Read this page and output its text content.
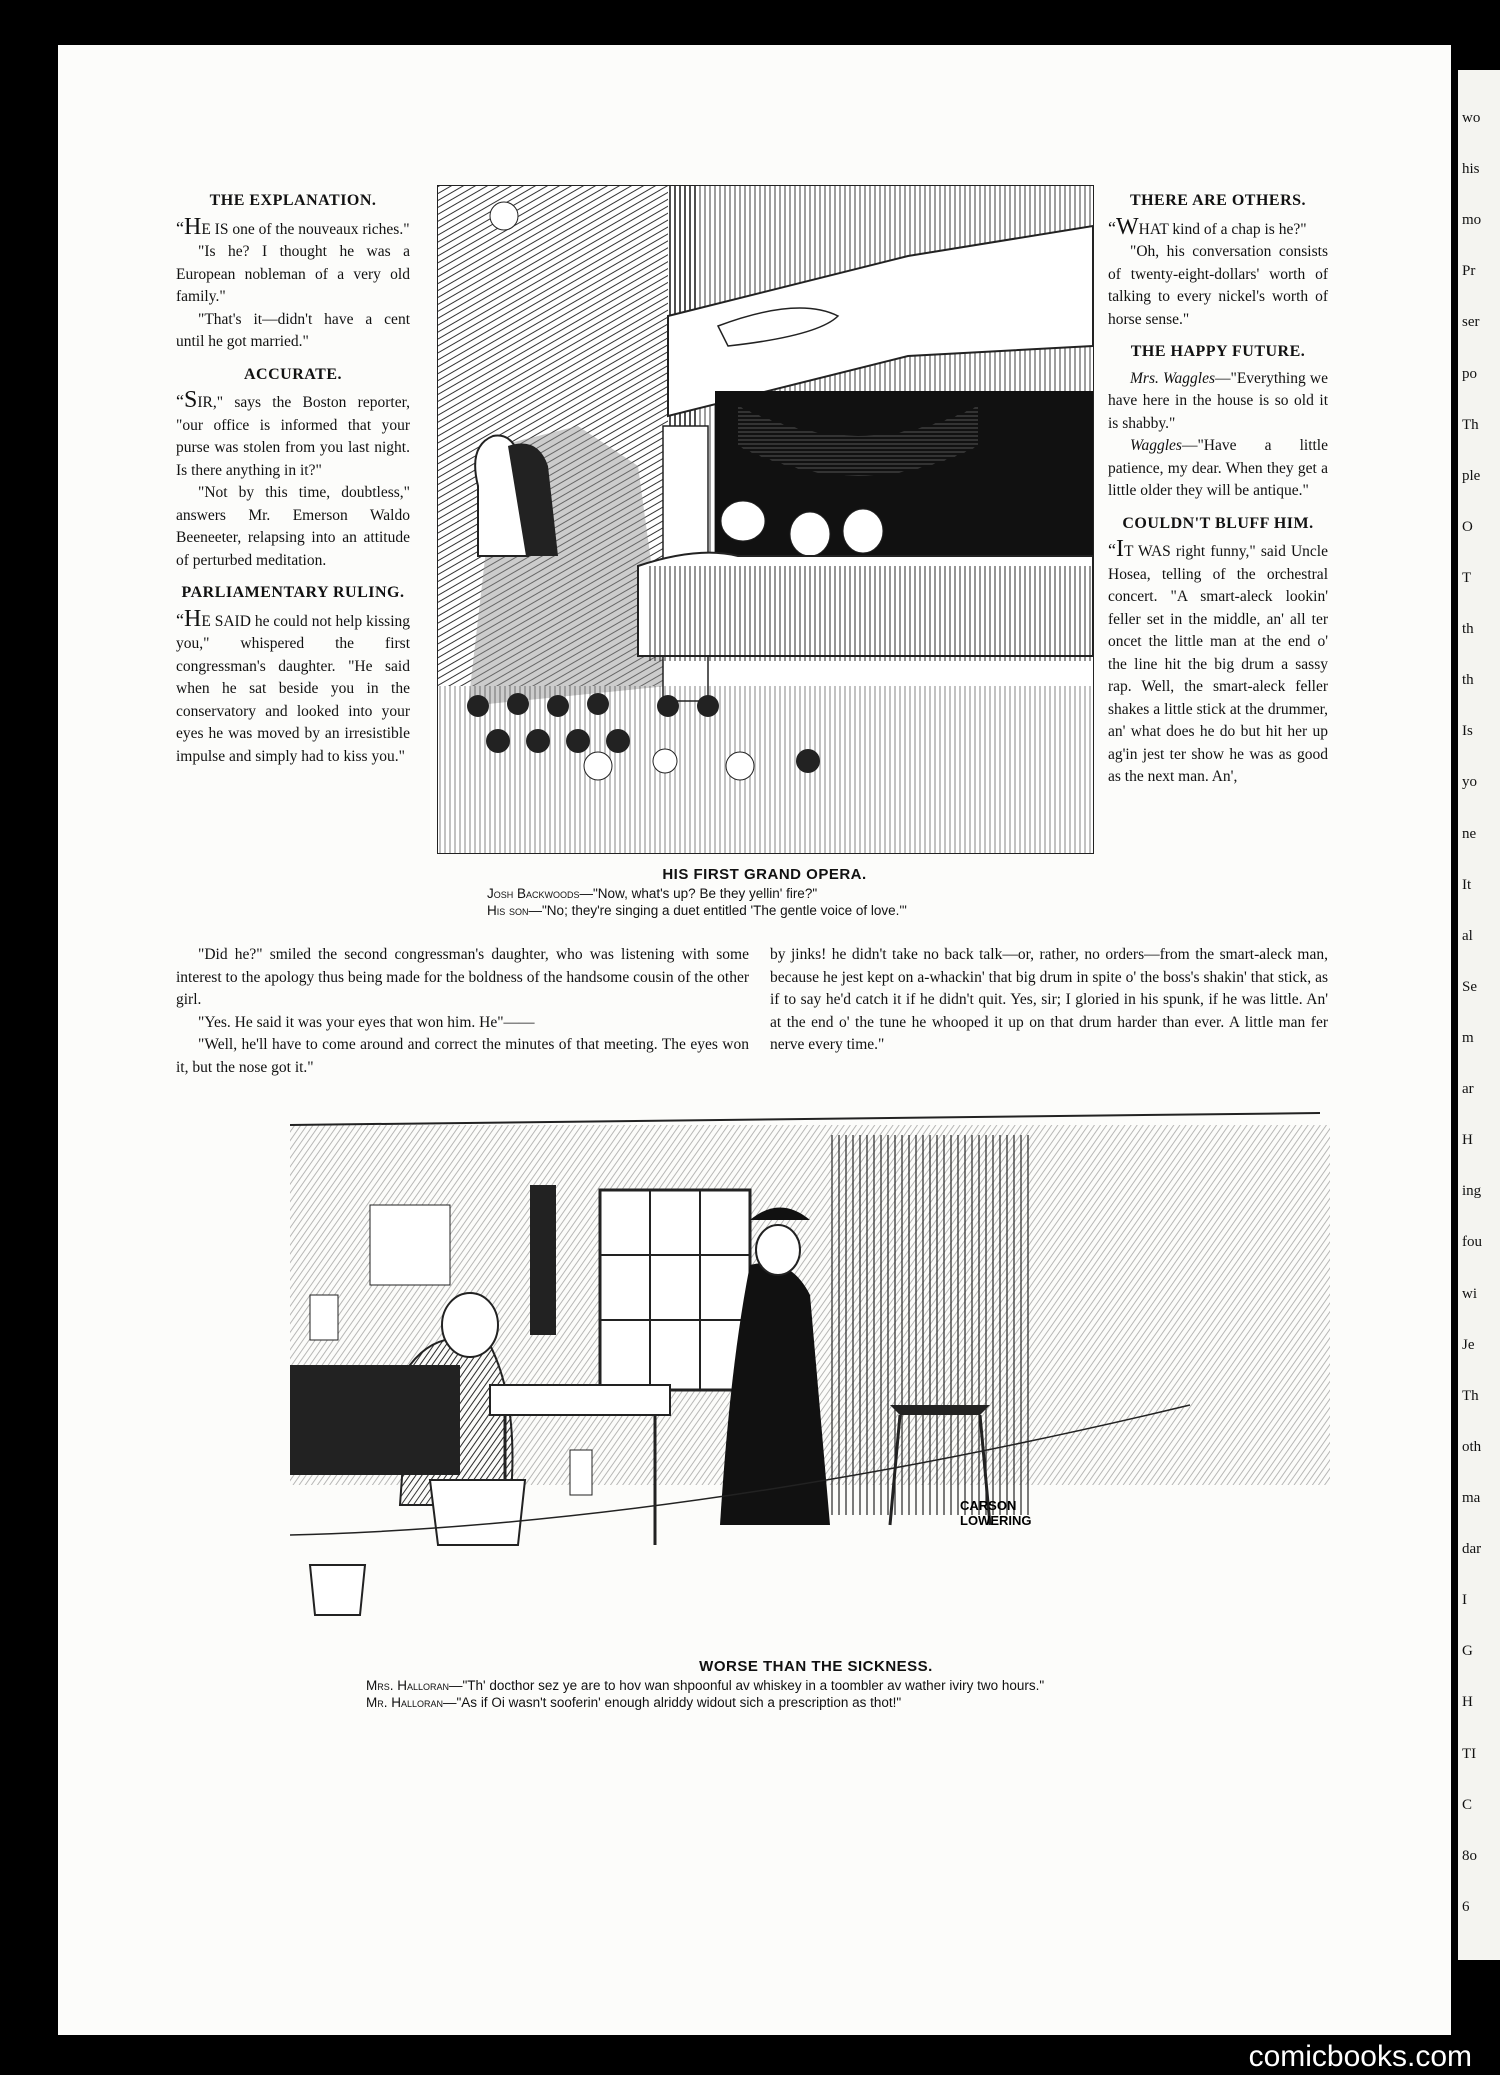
wo
his
mo
Pr
ser
po
Th
ple
O
T
th
th
Is
yo
ne
It
al
Se
m
ar
H
ing
fou
wi
Je
Th
oth
ma
dar
I
G
H
TI
C
8o
6
THE EXPLANATION.

“HE IS one of the nouveaux riches."

"Is he? I thought he was a European nobleman of a very old family."

"That's it—didn't have a cent until he got married."

ACCURATE.

“SIR," says the Boston reporter, "our office is informed that your purse was stolen from you last night. Is there anything in it?"

"Not by this time, doubtless," answers Mr. Emerson Waldo Beeneeter, relapsing into an attitude of perturbed meditation.

PARLIAMENTARY RULING.

“HE SAID he could not help kissing you," whispered the first congressman's daughter. "He said when he sat beside you in the conservatory and looked into your eyes he was moved by an irresistible impulse and simply had to kiss you."

THERE ARE OTHERS.

“WHAT kind of a chap is he?"

"Oh, his conversation consists of twenty-eight-dollars' worth of talking to every nickel's worth of horse sense."

THE HAPPY FUTURE.

Mrs. Waggles—"Everything we have here in the house is so old it is shabby."

Waggles—"Have a little patience, my dear. When they get a little older they will be antique."

COULDN'T BLUFF HIM.

“IT WAS right funny," said Uncle Hosea, telling of the orchestral concert. "A smart-aleck lookin' feller set in the middle, an' all ter oncet the little man at the end o' the line hit the big drum a sassy rap. Well, the smart-aleck feller shakes a little stick at the drummer, an' what does he do but hit her up ag'in jest ter show he was as good as the next man. An',

HIS FIRST GRAND OPERA.
Josh Backwoods—"Now, what's up? Be they yellin' fire?"
His son—"No; they're singing a duet entitled 'The gentle voice of love.'"

"Did he?" smiled the second congressman's daughter, who was listening with some interest to the apology thus being made for the boldness of the handsome cousin of the other girl.

"Yes. He said it was your eyes that won him. He"——

"Well, he'll have to come around and correct the minutes of that meeting. The eyes won it, but the nose got it."

by jinks! he didn't take no back talk—or, rather, no orders—from the smart-aleck man, because he jest kept on a-whackin' that big drum in spite o' the boss's shakin' that stick, as if to say he'd catch it if he didn't quit. Yes, sir; I gloried in his spunk, if he was little. An' at the end o' the tune he whooped it up on that drum harder than ever. A little man fer nerve every time."

CARSON
LOWERING
WORSE THAN THE SICKNESS.
Mrs. Halloran—"Th' docthor sez ye are to hov wan shpoonful av whiskey in a toombler av wather iviry two hours."
Mr. Halloran—"As if Oi wasn't sooferin' enough alriddy widout sich a prescription as thot!"
comicbooks.com
